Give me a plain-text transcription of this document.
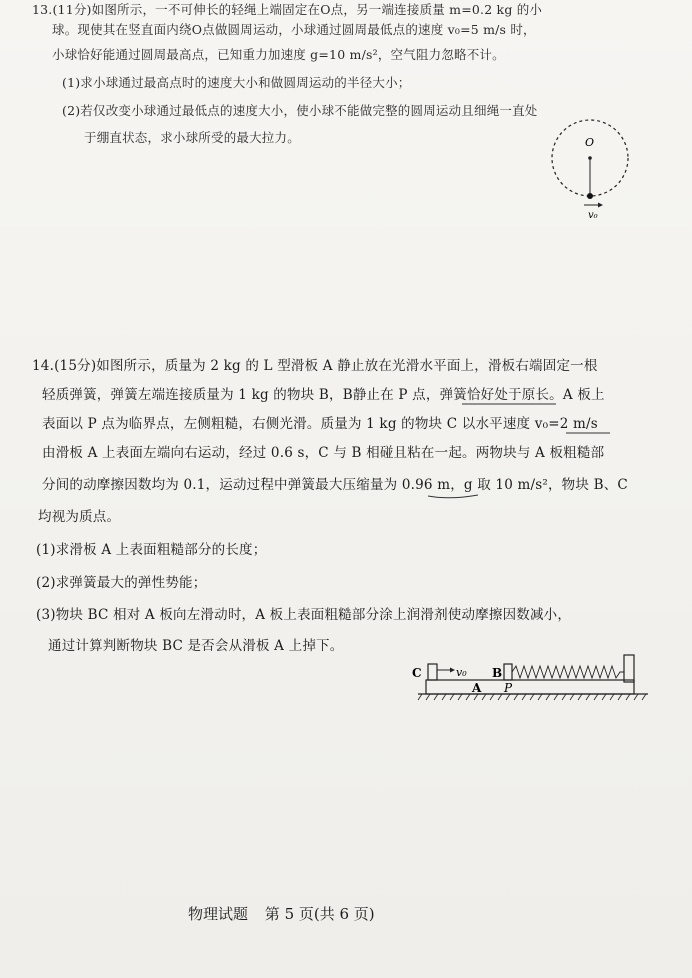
13.(11分)如图所示，一不可伸长的轻绳上端固定在O点，另一端连接质量 m=0.2 kg 的小
球。现使其在竖直面内绕O点做圆周运动，小球通过圆周最低点的速度 v₀=5 m/s 时，
小球恰好能通过圆周最高点，已知重力加速度 g=10 m/s²，空气阻力忽略不计。
(1)求小球通过最高点时的速度大小和做圆周运动的半径大小；
(2)若仅改变小球通过最低点的速度大小，使小球不能做完整的圆周运动且细绳一直处
于绷直状态，求小球所受的最大拉力。	O
v₀
14.(15分)如图所示，质量为 2 kg 的 L 型滑板 A 静止放在光滑水平面上，滑板右端固定一根
轻质弹簧，弹簧左端连接质量为 1 kg 的物块 B，B静止在 P 点，弹簧恰好处于原长。A 板上
表面以 P 点为临界点，左侧粗糙，右侧光滑。质量为 1 kg 的物块 C 以水平速度 v₀=2 m/s
由滑板 A 上表面左端向右运动，经过 0.6 s，C 与 B 相碰且粘在一起。两物块与 A 板粗糙部
分间的动摩擦因数均为 0.1，运动过程中弹簧最大压缩量为 0.96 m，g 取 10 m/s²，物块 B、C
均视为质点。
(1)求滑板 A 上表面粗糙部分的长度；
(2)求弹簧最大的弹性势能；
(3)物块 BC 相对 A 板向左滑动时，A 板上表面粗糙部分涂上润滑剂使动摩擦因数减小，
通过计算判断物块 BC 是否会从滑板 A 上掉下。
C	v₀ B
A P
物理试题 第 5 页(共 6 页)
